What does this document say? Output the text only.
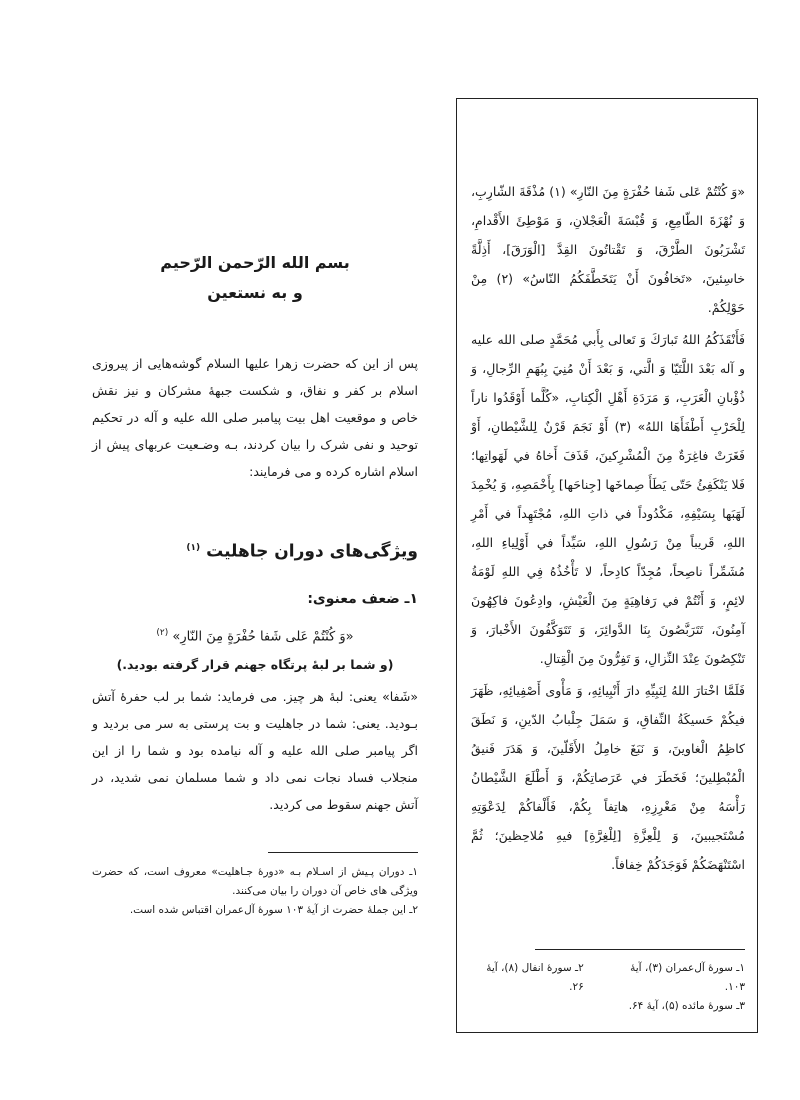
بسم الله الرّحمن الرّحيم
و به نستعين
پس از این که حضرت زهرا عليها السلام گوشه‌هایی از پیروزی اسلام بر کفر و نفاق، و شکست جبههٔ مشرکان و نیز نقش خاص و موقعیت اهل بیت پیامبر صلی الله علیه و آله در تحکیم توحید و نفی شرک را بیان کردند، بـه وضـعیت عربهای پیش از اسلام اشاره کرده و می فرمایند:
ویژگی‌های دوران جاهلیت $^{(۱)}$
۱ـ ضعف معنوی:
«وَ كُنْتُمْ عَلى شَفا حُفْرَةٍ مِنَ النّارِ» $^{(۲)}$
(و شما بر لبهٔ پرتگاه جهنم قرار گرفته بودید.)
«شَفا» یعنی: لبهٔ هر چیز. می فرماید: شما بر لب حفرهٔ آتش بـودید. یعنی: شما در جاهلیت و بت پرستی به سر می بردید و اگر پیامبر صلی الله علیه و آله نیامده بود و شما را از این منجلاب فساد نجات نمی داد و شما مسلمان نمی شدید، در آتش جهنم سقوط می کردید.
۱ـ دوران پـیش از اسـلام بـه «دورهٔ جـاهلیت» معروف است، که حضرت ویژگی های خاص آن دوران را بیان می‌کنند.
۲ـ این جملهٔ حضرت از آیهٔ ۱۰۳ سورهٔ آل‌عمران اقتباس شده است.

«وَ كُنْتُمْ عَلى شَفا حُفْرَةٍ مِنَ النّارِ» (۱) مُذْقَةَ الشّارِبِ، وَ نُهْزَةَ الطّامِعِ، وَ قُبْسَةَ الْعَجْلانِ، وَ مَوْطِئَ الأَقْدامِ، تَشْرَبُونَ الطَّرْقَ، وَ تَقْتاتُونَ القِدَّ [الْوَرَقَ]، أَذِلَّةً خاسِئينَ، «تَخافُونَ أَنْ يَتَخَطَّفَكُمُ النّاسُ» (۲) مِنْ حَوْلِكُمْ.

فَأَنْقَذَكُمُ اللهُ تَبارَكَ وَ تَعالى بِأَبي مُحَمَّدٍ صلی الله علیه و آله بَعْدَ اللَّتَيّا وَ الَّتي، وَ بَعْدَ أَنْ مُنِيَ بِبُهَمِ الرِّجالِ، وَ ذُؤْبانِ الْعَرَبِ، وَ مَرَدَةِ أَهْلِ الْكِتابِ، «كُلَّما أَوْقَدُوا ناراً لِلْحَرْبِ أَطْفَأَهَا اللهُ» (۳) أَوْ نَجَمَ قَرْنٌ لِلشَّيْطانِ، أَوْ فَغَرَتْ فاغِرَةٌ مِنَ الْمُشْرِكينَ، قَذَفَ أَخاهُ في لَهَواتِها؛ فَلا يَنْكَفِئُ حَتّى يَطَأَ صِماخَها [جِناحَها] بِأَخْمَصِهِ، وَ يُخْمِدَ لَهَبَها بِسَيْفِهِ، مَكْدُوداً في ذاتِ اللهِ، مُجْتَهِداً في أَمْرِ اللهِ، قَريباً مِنْ رَسُولِ اللهِ، سَيِّداً في أَوْلِياءِ اللهِ، مُشَمِّراً ناصِحاً، مُجِدّاً كادِحاً، لا تَأْخُذُهُ فِي اللهِ لَوْمَةُ لائِمٍ، وَ أَنْتُمْ في رَفاهِيَةٍ مِنَ الْعَيْشِ، وادِعُونَ فاكِهُونَ آمِنُونَ، تَتَرَبَّصُونَ بِنَا الدَّوائِرَ، وَ تَتَوَكَّفُونَ الأَخْبارَ، وَ تَنْكِصُونَ عِنْدَ النِّزالِ، وَ تَفِرُّونَ مِنَ الْقِتالِ.

فَلَمَّا اخْتارَ اللهُ لِنَبِيِّهِ دارَ أَنْبِيائِهِ، وَ مَأْوى أَصْفِيائِهِ، ظَهَرَ فيكُمْ حَسيكَةُ النِّفاقِ، وَ سَمَلَ جِلْبابُ الدّينِ، وَ نَطَقَ كاظِمُ الْغاوينَ، وَ نَبَغَ خامِلُ الأَقَلّينَ، وَ هَدَرَ فَنيقُ الْمُبْطِلينَ؛ فَخَطَرَ في عَرَصاتِكُمْ، وَ أَطْلَعَ الشَّيْطانُ رَأْسَهُ مِنْ مَغْرِزِهِ، هاتِفاً بِكُمْ، فَأَلْفاكُمْ لِدَعْوَتِهِ مُسْتَجيبينَ، وَ لِلْعِزَّةِ [لِلْغِرَّةِ] فيهِ مُلاحِظينَ؛ ثُمَّ اسْتَنْهَضَكُمْ فَوَجَدَكُمْ خِفافاً.

۱ـ سورهٔ آل‌عمران (۳)، آیهٔ ۱۰۳.
۲ـ سورهٔ انفال (۸)، آیهٔ ۲۶.
۳ـ سورهٔ مائده (۵)، آیهٔ ۶۴.
